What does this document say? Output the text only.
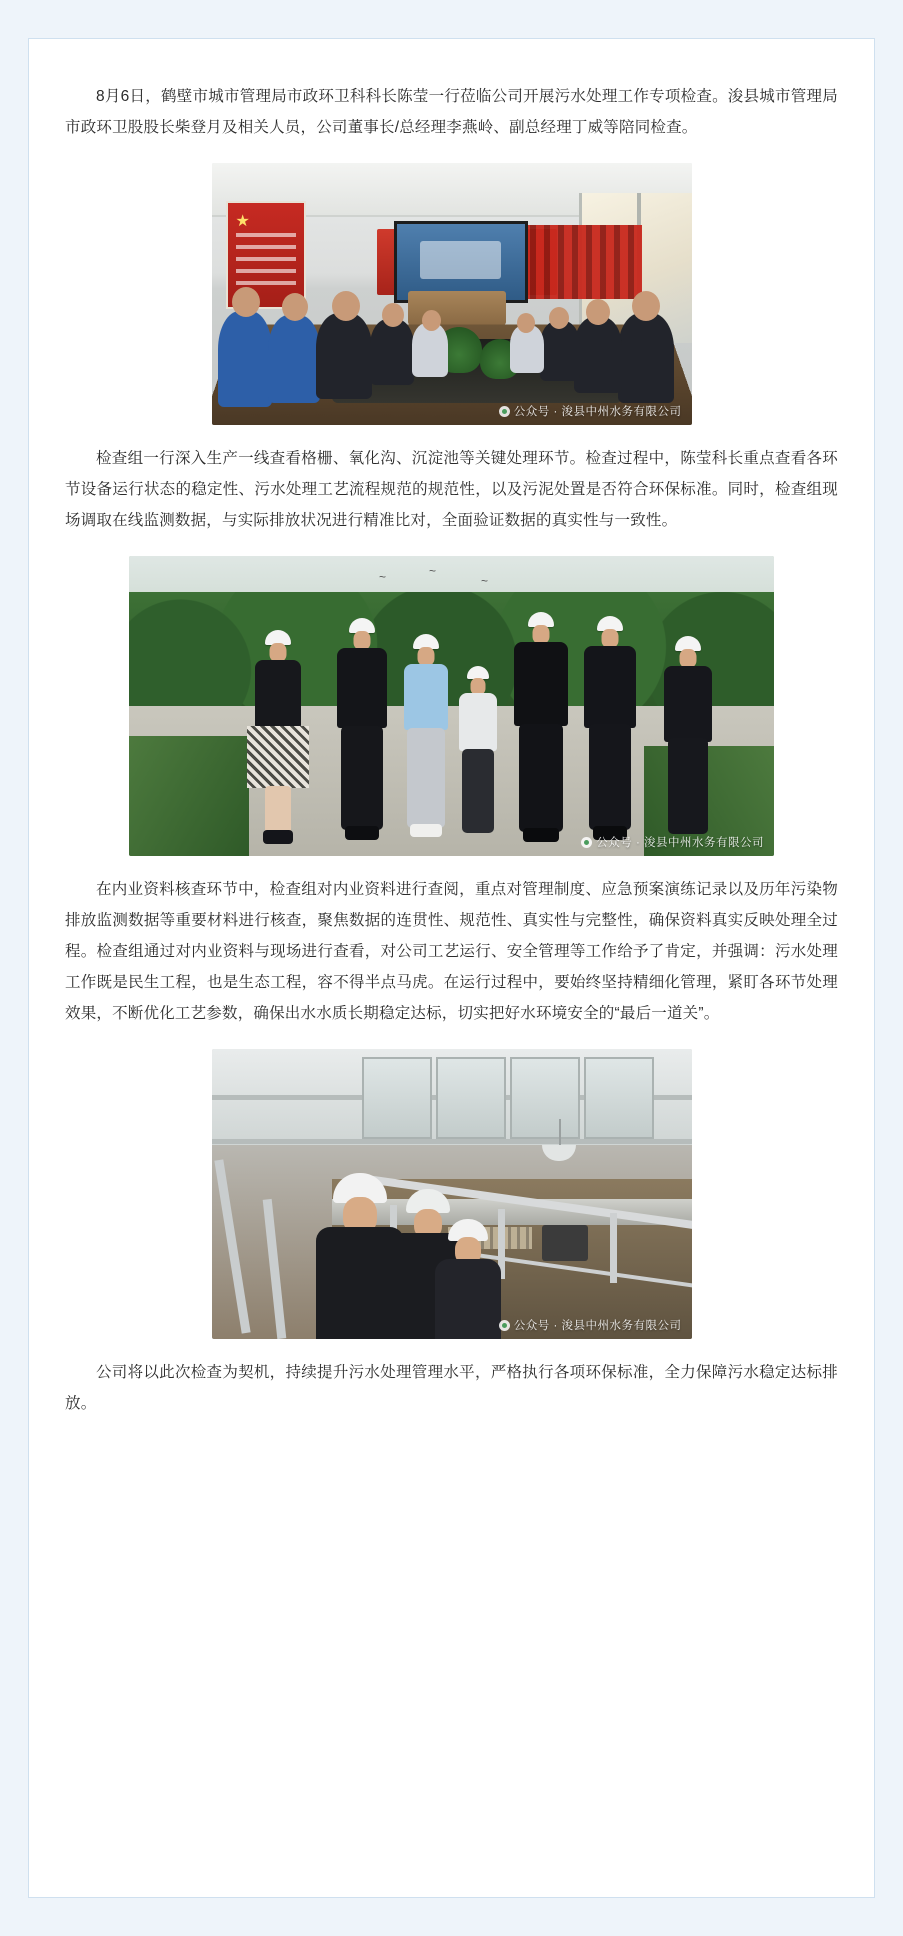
8月6日，鹤壁市城市管理局市政环卫科科长陈莹一行莅临公司开展污水处理工作专项检查。浚县城市管理局市政环卫股股长柴登月及相关人员，公司董事长/总经理李燕岭、副总经理丁威等陪同检查。

★
公众号 · 浚县中州水务有限公司

检查组一行深入生产一线查看格栅、氧化沟、沉淀池等关键处理环节。检查过程中，陈莹科长重点查看各环节设备运行状态的稳定性、污水处理工艺流程规范的规范性，以及污泥处置是否符合环保标准。同时，检查组现场调取在线监测数据，与实际排放状况进行精准比对，全面验证数据的真实性与一致性。

~	~
~
公众号 · 浚县中州水务有限公司

在内业资料核查环节中，检查组对内业资料进行查阅，重点对管理制度、应急预案演练记录以及历年污染物排放监测数据等重要材料进行核查，聚焦数据的连贯性、规范性、真实性与完整性，确保资料真实反映处理全过程。检查组通过对内业资料与现场进行查看，对公司工艺运行、安全管理等工作给予了肯定，并强调：污水处理工作既是民生工程，也是生态工程，容不得半点马虎。在运行过程中，要始终坚持精细化管理，紧盯各环节处理效果，不断优化工艺参数，确保出水水质长期稳定达标，切实把好水环境安全的“最后一道关”。

公众号 · 浚县中州水务有限公司

公司将以此次检查为契机，持续提升污水处理管理水平，严格执行各项环保标准，全力保障污水稳定达标排放。
